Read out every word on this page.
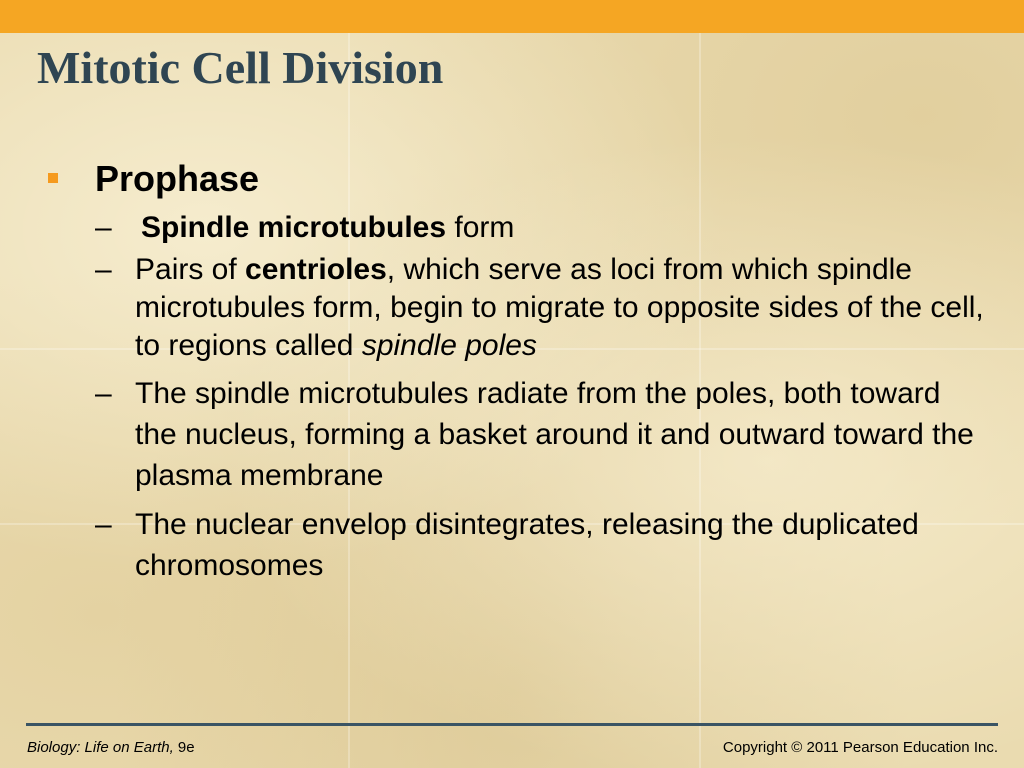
Mitotic Cell Division
Prophase
– Spindle microtubules form
– Pairs of centrioles, which serve as loci from which spindle microtubules form, begin to migrate to opposite sides of the cell, to regions called spindle poles
– The spindle microtubules radiate from the poles, both toward the nucleus, forming a basket around it and outward toward the plasma membrane
– The nuclear envelop disintegrates, releasing the duplicated chromosomes
Biology: Life on Earth, 9e	Copyright © 2011 Pearson Education Inc.
